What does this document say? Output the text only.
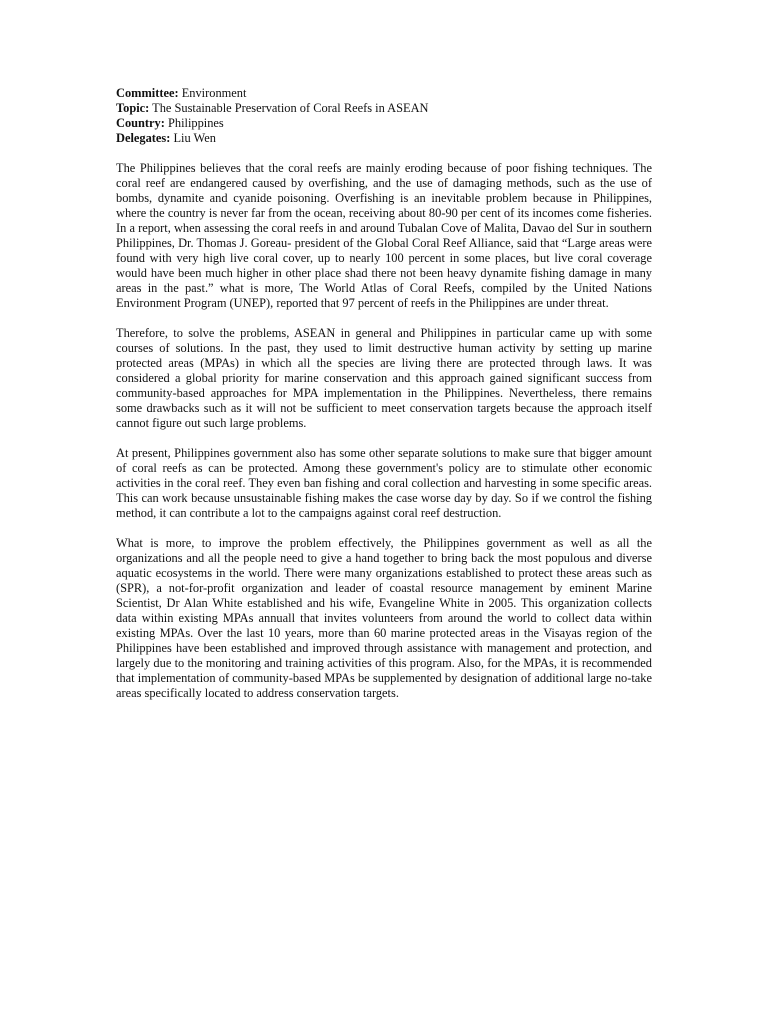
Committee: Environment

Topic: The Sustainable Preservation of Coral Reefs in ASEAN

Country: Philippines

Delegates: Liu Wen

The Philippines believes that the coral reefs are mainly eroding because of poor fishing techniques. The coral reef are endangered caused by overfishing, and the use of damaging methods, such as the use of bombs, dynamite and cyanide poisoning. Overfishing is an inevitable problem because in Philippines, where the country is never far from the ocean, receiving about 80-90 per cent of its incomes come fisheries. In a report, when assessing the coral reefs in and around Tubalan Cove of Malita, Davao del Sur in southern Philippines, Dr. Thomas J. Goreau- president of the Global Coral Reef Alliance, said that “Large areas were found with very high live coral cover, up to nearly 100 percent in some places, but live coral coverage would have been much higher in other place shad there not been heavy dynamite fishing damage in many areas in the past.” what is more, The World Atlas of Coral Reefs, compiled by the United Nations Environment Program (UNEP), reported that 97 percent of reefs in the Philippines are under threat.

Therefore, to solve the problems, ASEAN in general and Philippines in particular came up with some courses of solutions. In the past, they used to limit destructive human activity by setting up marine protected areas (MPAs) in which all the species are living there are protected through laws. It was considered a global priority for marine conservation and this approach gained significant success from community-based approaches for MPA implementation in the Philippines. Nevertheless, there remains some drawbacks such as it will not be sufficient to meet conservation targets because the approach itself cannot figure out such large problems.

At present, Philippines government also has some other separate solutions to make sure that bigger amount of coral reefs as can be protected. Among these government's policy are to stimulate other economic activities in the coral reef. They even ban fishing and coral collection and harvesting in some specific areas. This can work because unsustainable fishing makes the case worse day by day. So if we control the fishing method, it can contribute a lot to the campaigns against coral reef destruction.

What is more, to improve the problem effectively, the Philippines government as well as all the organizations and all the people need to give a hand together to bring back the most populous and diverse aquatic ecosystems in the world. There were many organizations established to protect these areas such as (SPR), a not-for-profit organization and leader of coastal resource management by eminent Marine Scientist, Dr Alan White established and his wife, Evangeline White in 2005. This organization collects data within existing MPAs annuall that invites volunteers from around the world to collect data within existing MPAs. Over the last 10 years, more than 60 marine protected areas in the Visayas region of the Philippines have been established and improved through assistance with management and protection, and largely due to the monitoring and training activities of this program. Also, for the MPAs, it is recommended that implementation of community-based MPAs be supplemented by designation of additional large no-take areas specifically located to address conservation targets.
